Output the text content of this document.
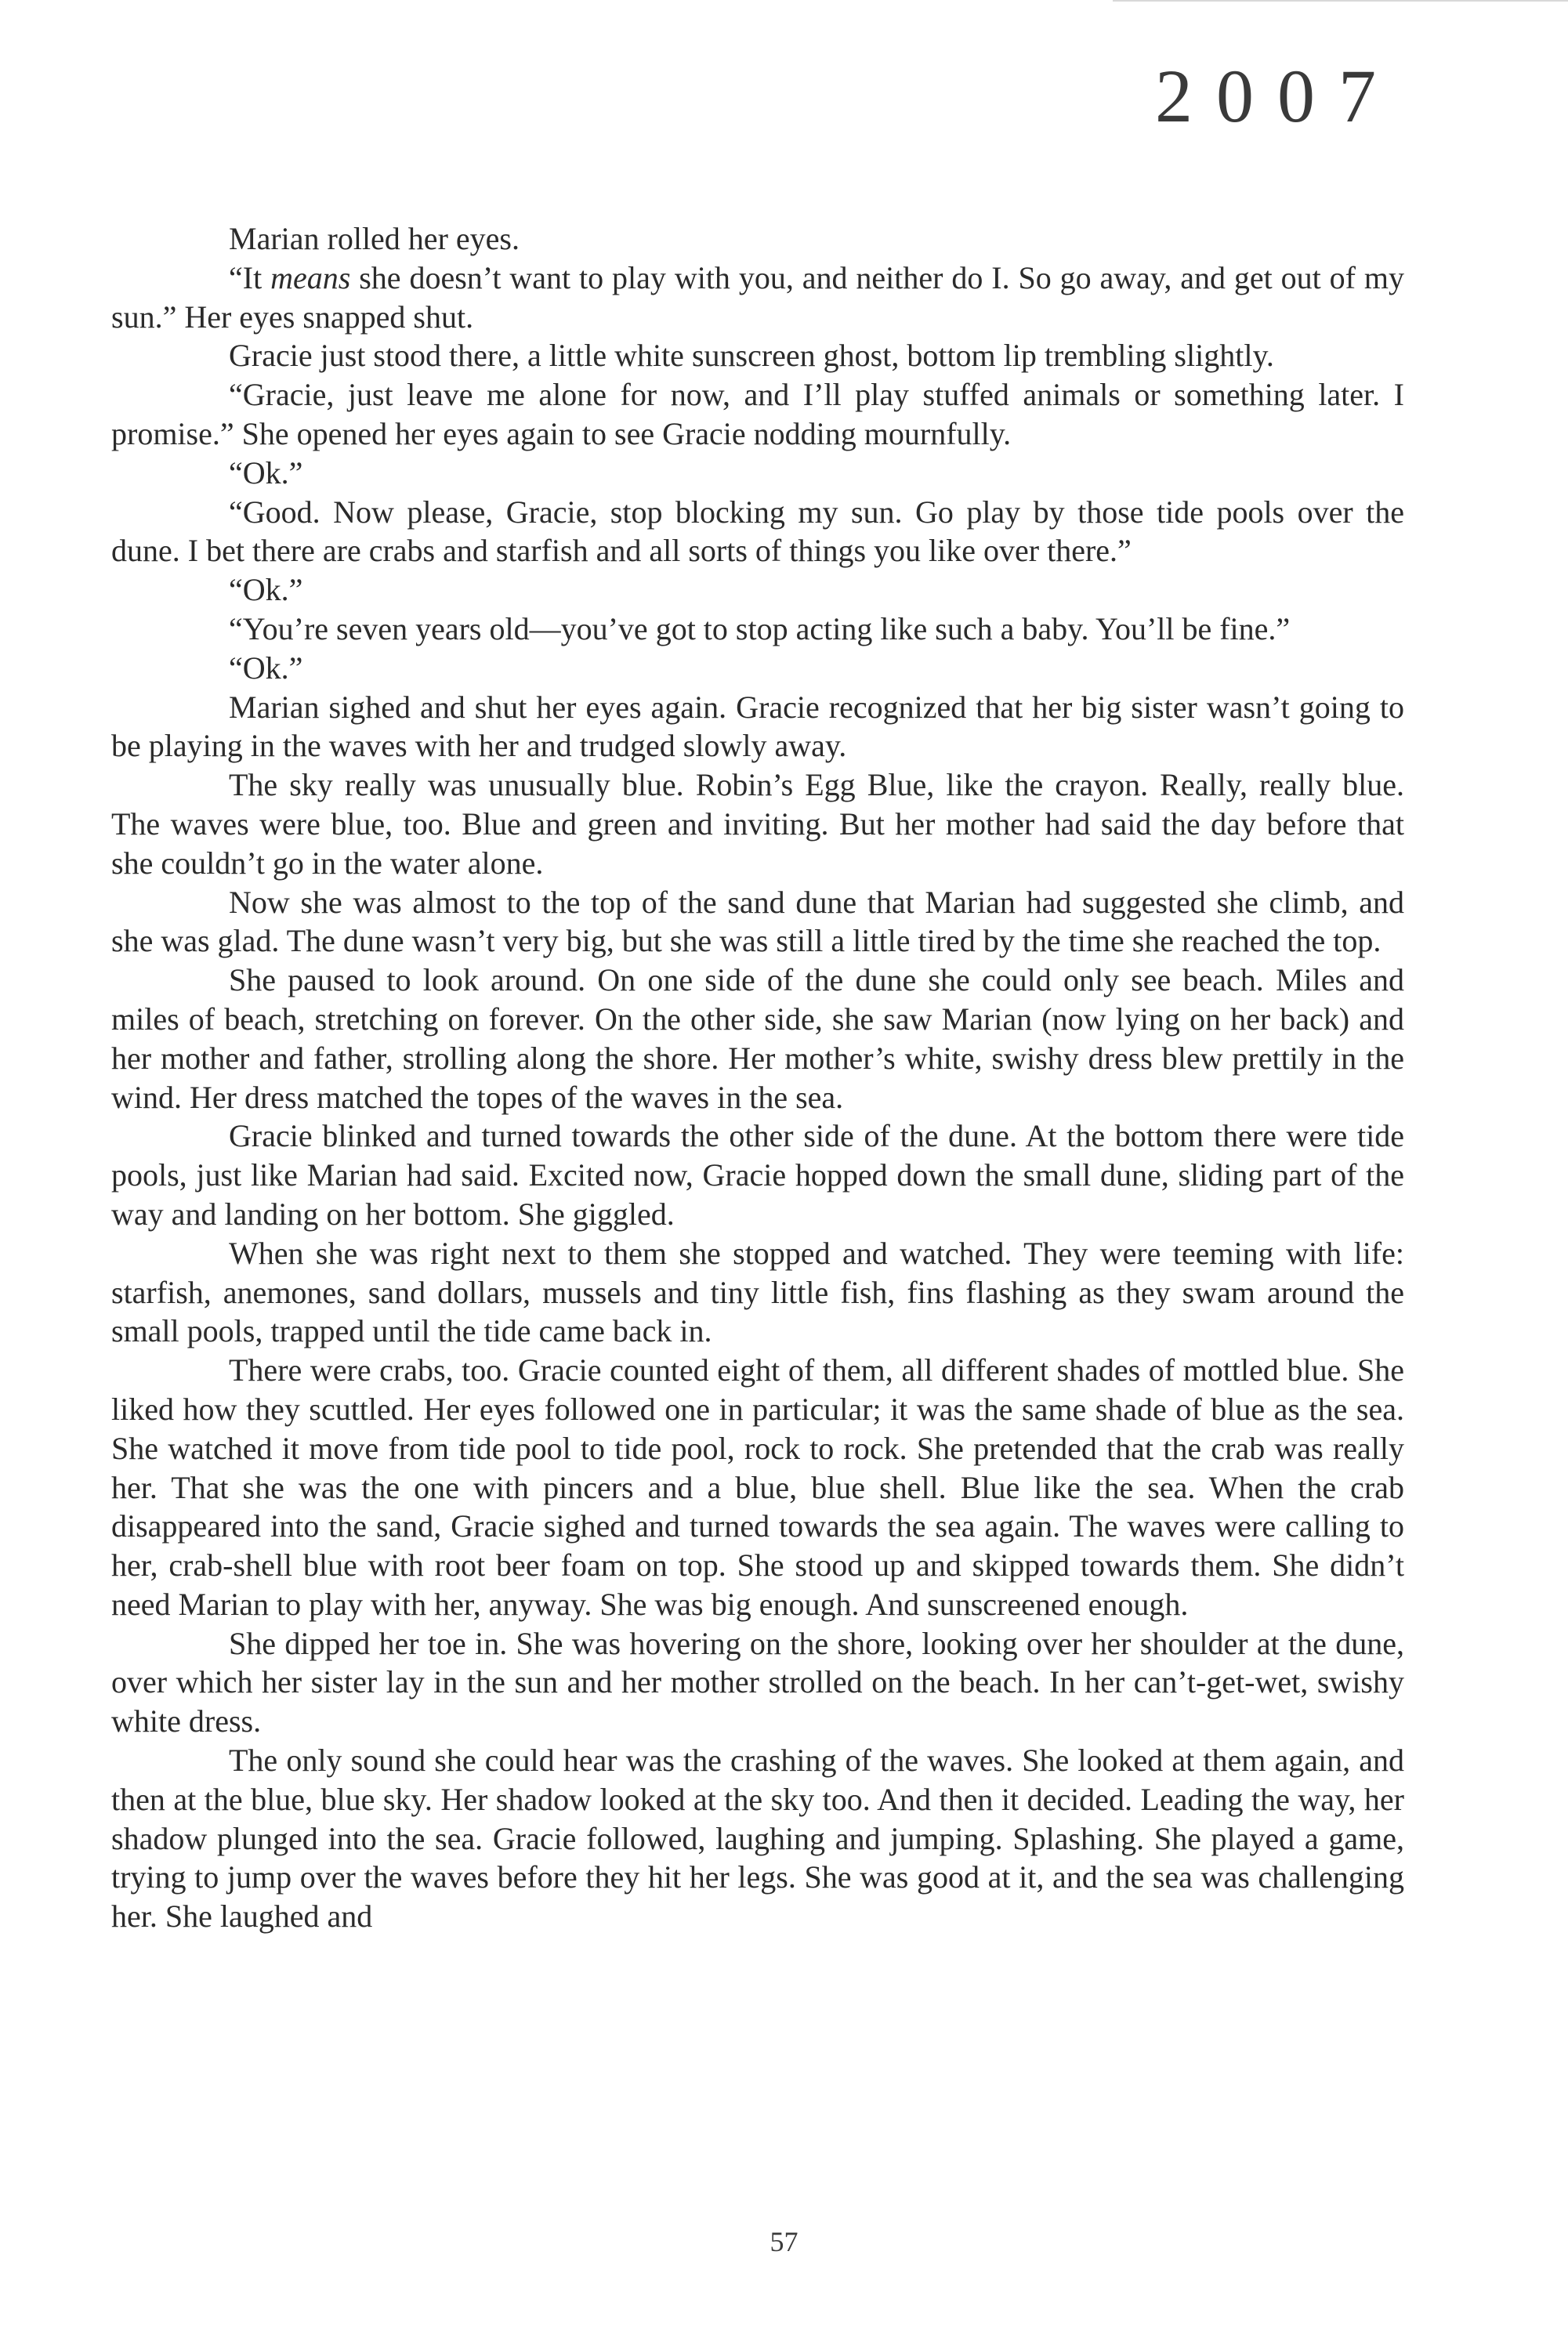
2007

Marian rolled her eyes.

“It means she doesn’t want to play with you, and neither do I. So go away, and get out of my sun.” Her eyes snapped shut.

Gracie just stood there, a little white sunscreen ghost, bottom lip trembling slightly.

“Gracie, just leave me alone for now, and I’ll play stuffed animals or something later. I promise.” She opened her eyes again to see Gracie nodding mournfully.

“Ok.”

“Good. Now please, Gracie, stop blocking my sun. Go play by those tide pools over the dune. I bet there are crabs and starfish and all sorts of things you like over there.”

“Ok.”

“You’re seven years old—you’ve got to stop acting like such a baby. You’ll be fine.”

“Ok.”

Marian sighed and shut her eyes again. Gracie recognized that her big sister wasn’t going to be playing in the waves with her and trudged slowly away.

The sky really was unusually blue. Robin’s Egg Blue, like the crayon. Really, really blue. The waves were blue, too. Blue and green and inviting. But her mother had said the day before that she couldn’t go in the water alone.

Now she was almost to the top of the sand dune that Marian had suggested she climb, and she was glad. The dune wasn’t very big, but she was still a little tired by the time she reached the top.

She paused to look around. On one side of the dune she could only see beach. Miles and miles of beach, stretching on forever. On the other side, she saw Marian (now lying on her back) and her mother and father, strolling along the shore. Her mother’s white, swishy dress blew prettily in the wind. Her dress matched the topes of the waves in the sea.

Gracie blinked and turned towards the other side of the dune. At the bottom there were tide pools, just like Marian had said. Excited now, Gracie hopped down the small dune, sliding part of the way and landing on her bottom. She giggled.

When she was right next to them she stopped and watched. They were teeming with life: starfish, anemones, sand dollars, mussels and tiny little fish, fins flashing as they swam around the small pools, trapped until the tide came back in.

There were crabs, too. Gracie counted eight of them, all different shades of mottled blue. She liked how they scuttled. Her eyes followed one in particular; it was the same shade of blue as the sea. She watched it move from tide pool to tide pool, rock to rock. She pretended that the crab was really her. That she was the one with pincers and a blue, blue shell. Blue like the sea. When the crab disappeared into the sand, Gracie sighed and turned towards the sea again. The waves were calling to her, crab-shell blue with root beer foam on top. She stood up and skipped towards them. She didn’t need Marian to play with her, anyway. She was big enough. And sunscreened enough.

She dipped her toe in. She was hovering on the shore, looking over her shoulder at the dune, over which her sister lay in the sun and her mother strolled on the beach. In her can’t-get-wet, swishy white dress.

The only sound she could hear was the crashing of the waves. She looked at them again, and then at the blue, blue sky. Her shadow looked at the sky too. And then it decided. Leading the way, her shadow plunged into the sea. Gracie followed, laughing and jumping. Splashing. She played a game, trying to jump over the waves before they hit her legs. She was good at it, and the sea was challenging her. She laughed and

57
